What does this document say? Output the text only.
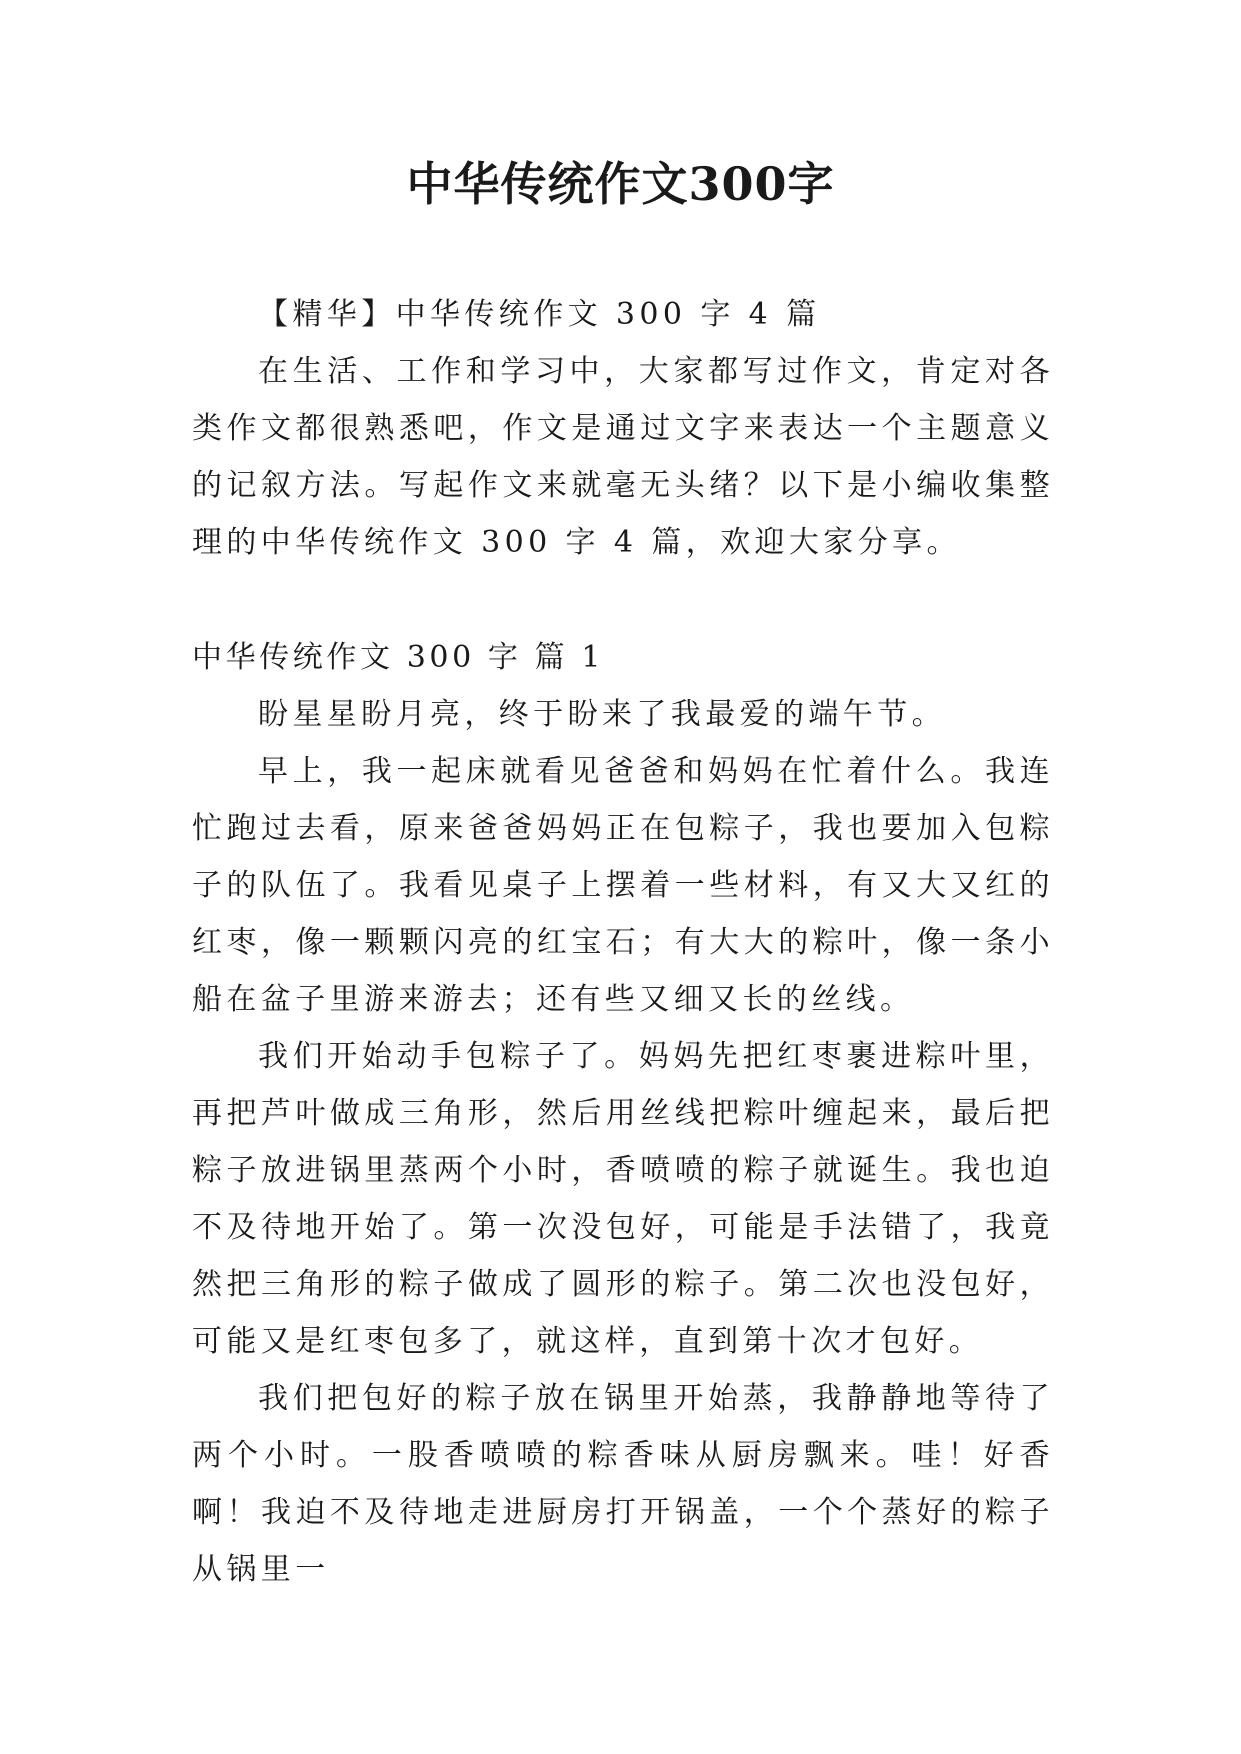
中华传统作文300字

【精华】中华传统作文 300 字 4 篇

在生活、工作和学习中，大家都写过作文，肯定对各类作文都很熟悉吧，作文是通过文字来表达一个主题意义的记叙方法。写起作文来就毫无头绪？以下是小编收集整理的中华传统作文 300 字 4 篇，欢迎大家分享。

中华传统作文 300 字 篇 1

盼星星盼月亮，终于盼来了我最爱的端午节。

早上，我一起床就看见爸爸和妈妈在忙着什么。我连忙跑过去看，原来爸爸妈妈正在包粽子，我也要加入包粽子的队伍了。我看见桌子上摆着一些材料，有又大又红的红枣，像一颗颗闪亮的红宝石；有大大的粽叶，像一条小船在盆子里游来游去；还有些又细又长的丝线。

我们开始动手包粽子了。妈妈先把红枣裹进粽叶里，再把芦叶做成三角形，然后用丝线把粽叶缠起来，最后把粽子放进锅里蒸两个小时，香喷喷的粽子就诞生。我也迫不及待地开始了。第一次没包好，可能是手法错了，我竟然把三角形的粽子做成了圆形的粽子。第二次也没包好，可能又是红枣包多了，就这样，直到第十次才包好。

我们把包好的粽子放在锅里开始蒸，我静静地等待了两个小时。一股香喷喷的粽香味从厨房飘来。哇！好香啊！我迫不及待地走进厨房打开锅盖，一个个蒸好的粽子从锅里一
